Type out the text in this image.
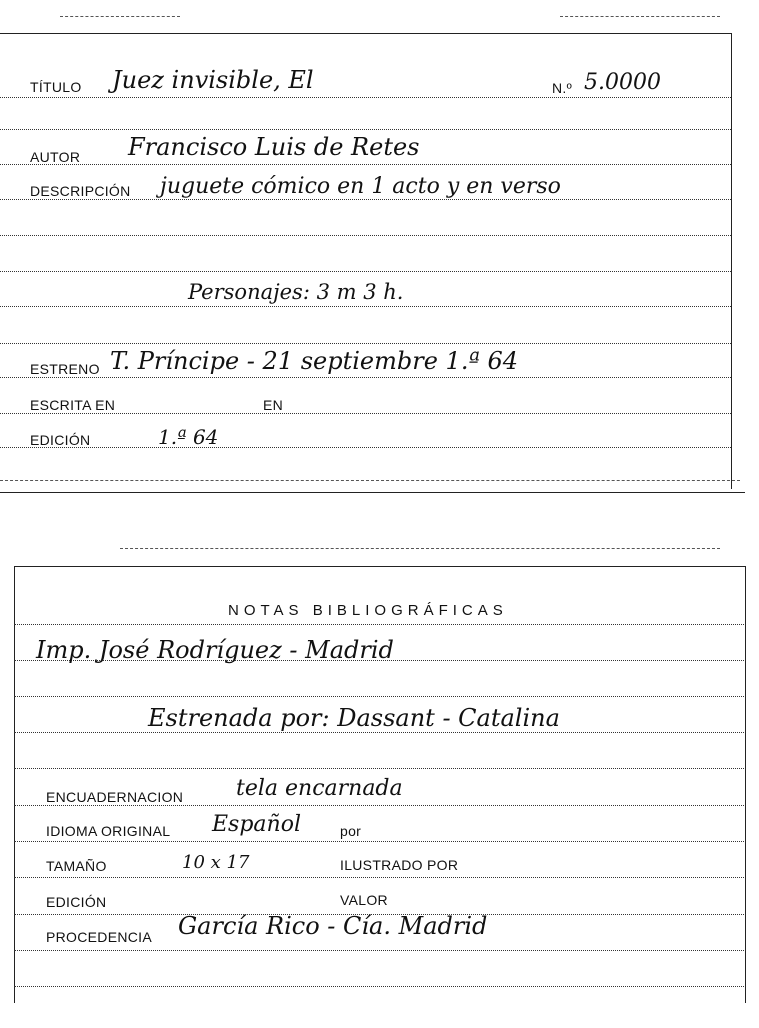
TÍTULO Juez invisible, El	N.º 5.0000
AUTOR Francisco Luis de Retes
DESCRIPCIÓN juguete cómico en 1 acto y en verso
Personajes: 3 m 3 h.
ESTRENO T. Príncipe - 21 septiembre 1.ª 64
ESCRITA EN	EN
EDICIÓN	1.ª 64
NOTAS BIBLIOGRÁFICAS
Imp. José Rodríguez - Madrid
Estrenada por: Dassant - Catalina
ENCUADERNACION tela encarnada
IDIOMA ORIGINAL Español	por
TAMAÑO	10 x 17	ILUSTRADO POR
EDICIÓN	VALOR
PROCEDENCIA García Rico - Cía. Madrid
